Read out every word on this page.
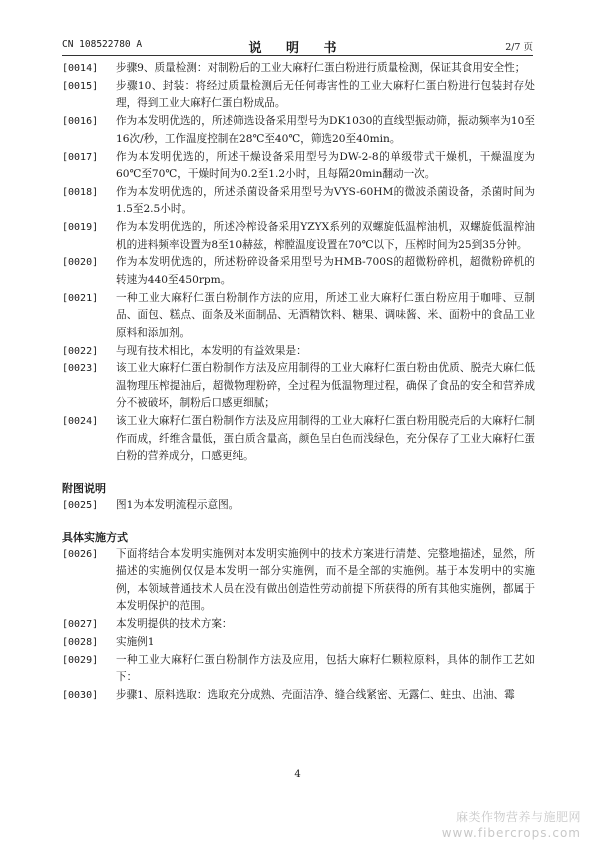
CN 108522780 A	说 明 书	2/7 页
[0014] 步骤9、质量检测：对制粉后的工业大麻籽仁蛋白粉进行质量检测，保证其食用安全性；
[0015] 步骤10、封装：将经过质量检测后无任何毒害性的工业大麻籽仁蛋白粉进行包装封存处理，得到工业大麻籽仁蛋白粉成品。
[0016] 作为本发明优选的，所述筛选设备采用型号为DK1030的直线型振动筛，振动频率为10至16次/秒，工作温度控制在28℃至40℃，筛选20至40min。
[0017] 作为本发明优选的，所述干燥设备采用型号为DW-2-8的单级带式干燥机，干燥温度为60℃至70℃，干燥时间为0.2至1.2小时，且每隔20min翻动一次。
[0018] 作为本发明优选的，所述杀菌设备采用型号为VYS-60HM的微波杀菌设备，杀菌时间为1.5至2.5小时。
[0019] 作为本发明优选的，所述冷榨设备采用YZYX系列的双螺旋低温榨油机，双螺旋低温榨油机的进料频率设置为8至10赫兹，榨膛温度设置在70℃以下，压榨时间为25到35分钟。
[0020] 作为本发明优选的，所述粉碎设备采用型号为HMB-700S的超微粉碎机，超微粉碎机的转速为440至450rpm。
[0021] 一种工业大麻籽仁蛋白粉制作方法的应用，所述工业大麻籽仁蛋白粉应用于咖啡、豆制品、面包、糕点、面条及米面制品、无酒精饮料、糖果、调味酱、米、面粉中的食品工业原料和添加剂。
[0022] 与现有技术相比，本发明的有益效果是：
[0023] 该工业大麻籽仁蛋白粉制作方法及应用制得的工业大麻籽仁蛋白粉由优质、脱壳大麻仁低温物理压榨提油后，超微物理粉碎，全过程为低温物理过程，确保了食品的安全和营养成分不被破坏，制粉后口感更细腻；
[0024] 该工业大麻籽仁蛋白粉制作方法及应用制得的工业大麻籽仁蛋白粉用脱壳后的大麻籽仁制作而成，纤维含量低，蛋白质含量高，颜色呈白色而浅绿色，充分保存了工业大麻籽仁蛋白粉的营养成分，口感更纯。
附图说明
[0025] 图1为本发明流程示意图。
具体实施方式
[0026] 下面将结合本发明实施例对本发明实施例中的技术方案进行清楚、完整地描述，显然，所描述的实施例仅仅是本发明一部分实施例，而不是全部的实施例。基于本发明中的实施例，本领域普通技术人员在没有做出创造性劳动前提下所获得的所有其他实施例，都属于本发明保护的范围。
[0027] 本发明提供的技术方案：
[0028] 实施例1
[0029] 一种工业大麻籽仁蛋白粉制作方法及应用，包括大麻籽仁颗粒原料，具体的制作工艺如下：
[0030] 步骤1、原料选取：选取充分成熟、壳面洁净、缝合线紧密、无露仁、蛀虫、出油、霉
4
麻类作物营养与施肥网
www.fibercrops.com
